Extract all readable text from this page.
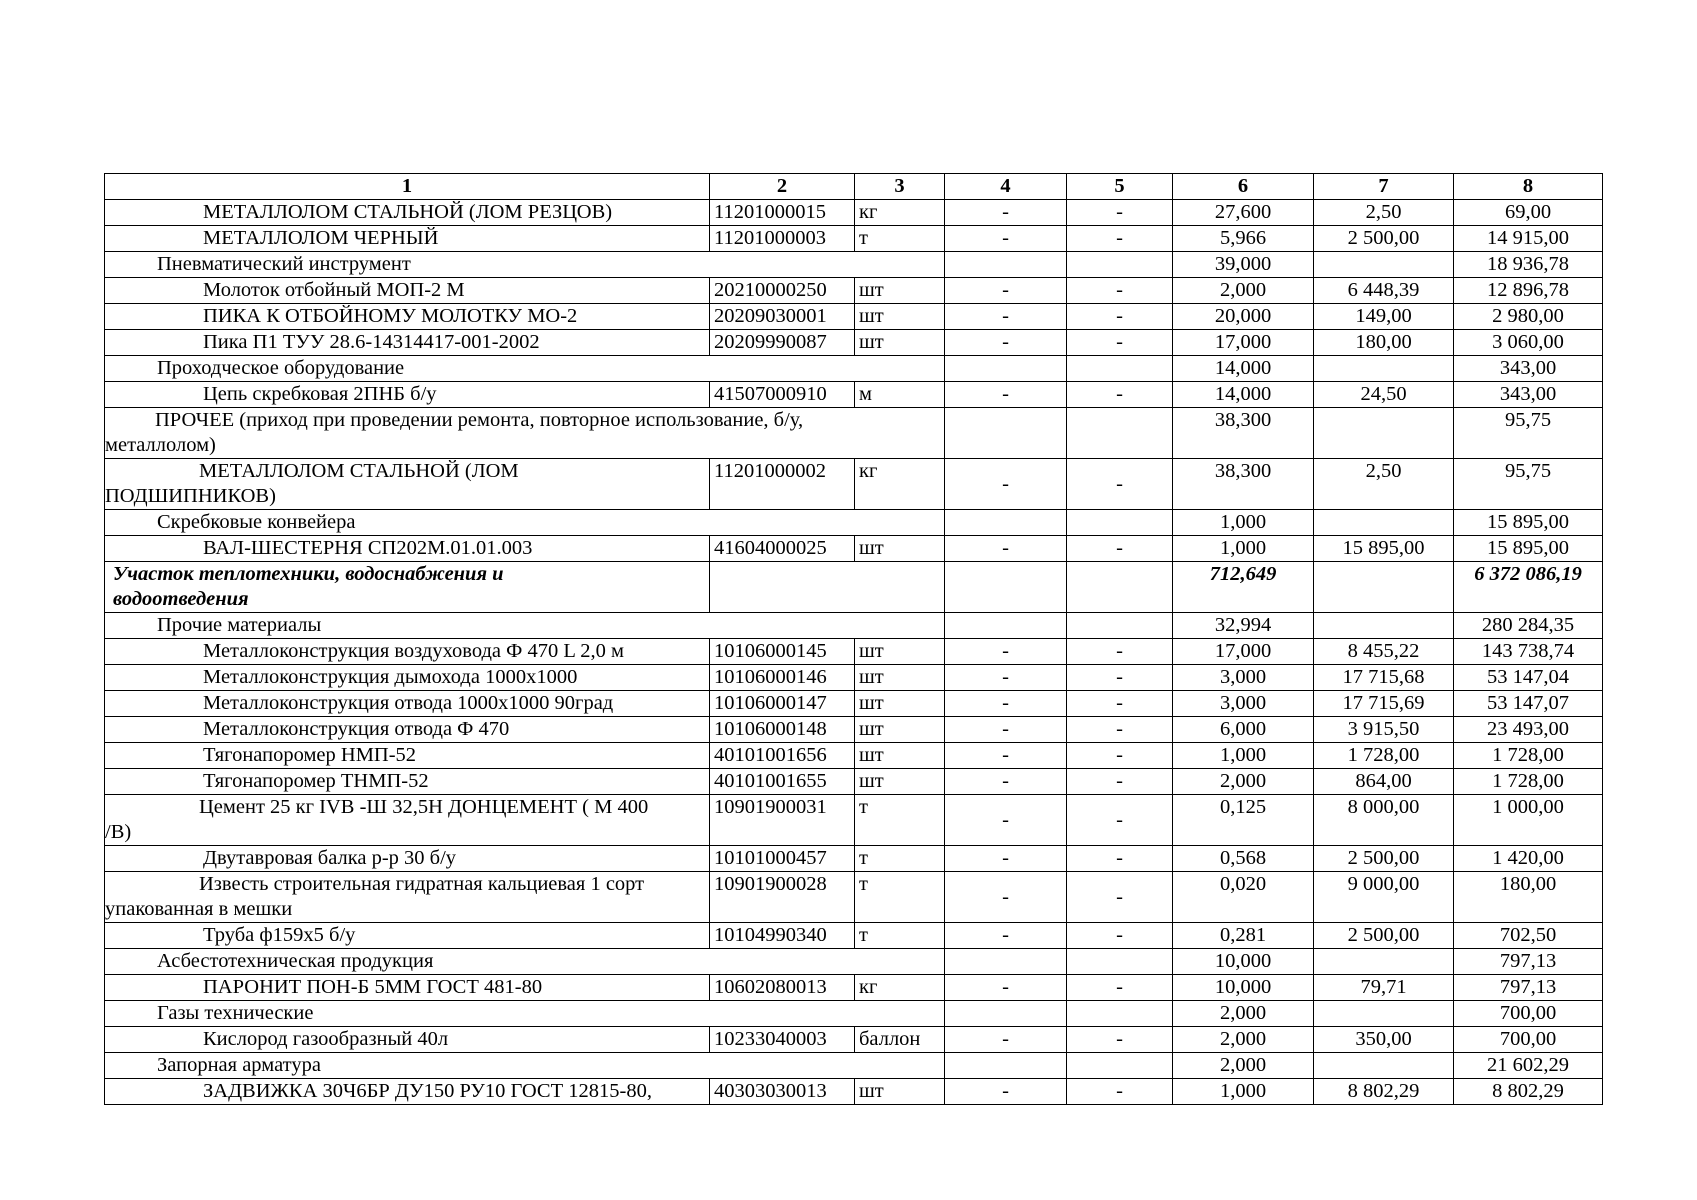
1	2	3	4	5	6	7	8
МЕТАЛЛОЛОМ СТАЛЬНОЙ (ЛОМ РЕЗЦОВ)	11201000015	кг	-	-	27,600	2,50	69,00
МЕТАЛЛОЛОМ ЧЕРНЫЙ	11201000003	т	-	-	5,966	2 500,00	14 915,00
Пневматический инструмент					39,000		18 936,78
Молоток отбойный МОП-2 М	20210000250	шт	-	-	2,000	6 448,39	12 896,78
ПИКА К ОТБОЙНОМУ МОЛОТКУ МО-2	20209030001	шт	-	-	20,000	149,00	2 980,00
Пика П1 ТУУ 28.6-14314417-001-2002	20209990087	шт	-	-	17,000	180,00	3 060,00
Проходческое оборудование					14,000		343,00
Цепь скребковая 2ПНБ б/у	41507000910	м	-	-	14,000	24,50	343,00
ПРОЧЕЕ (приход при проведении ремонта, повторное использование, б/у,
металлолом)					38,300		95,75
МЕТАЛЛОЛОМ СТАЛЬНОЙ (ЛОМ
ПОДШИПНИКОВ)	11201000002	кг	-	-	38,300	2,50	95,75
Скребковые конвейера					1,000		15 895,00
ВАЛ-ШЕСТЕРНЯ СП202М.01.01.003	41604000025	шт	-	-	1,000	15 895,00	15 895,00
Участок теплотехники, водоснабжения и
водоотведения					712,649		6 372 086,19
Прочие материалы					32,994		280 284,35
Металлоконструкция воздуховода Ф 470 L 2,0 м	10106000145	шт	-	-	17,000	8 455,22	143 738,74
Металлоконструкция дымохода 1000х1000	10106000146	шт	-	-	3,000	17 715,68	53 147,04
Металлоконструкция отвода 1000х1000 90град	10106000147	шт	-	-	3,000	17 715,69	53 147,07
Металлоконструкция отвода Ф 470	10106000148	шт	-	-	6,000	3 915,50	23 493,00
Тягонапоромер НМП-52	40101001656	шт	-	-	1,000	1 728,00	1 728,00
Тягонапоромер ТНМП-52	40101001655	шт	-	-	2,000	864,00	1 728,00
Цемент 25 кг IVB -Ш 32,5Н ДОНЦЕМЕНТ ( М 400
/В)	10901900031	т	-	-	0,125	8 000,00	1 000,00
Двутавровая балка р-р 30 б/у	10101000457	т	-	-	0,568	2 500,00	1 420,00
Известь строительная гидратная кальциевая 1 сорт
упакованная в мешки	10901900028	т	-	-	0,020	9 000,00	180,00
Труба ф159х5 б/у	10104990340	т	-	-	0,281	2 500,00	702,50
Асбестотехническая продукция					10,000		797,13
ПАРОНИТ ПОН-Б 5ММ ГОСТ 481-80	10602080013	кг	-	-	10,000	79,71	797,13
Газы технические					2,000		700,00
Кислород газообразный 40л	10233040003	баллон	-	-	2,000	350,00	700,00
Запорная арматура					2,000		21 602,29
ЗАДВИЖКА 30Ч6БР ДУ150 РУ10 ГОСТ 12815-80,	40303030013	шт	-	-	1,000	8 802,29	8 802,29
